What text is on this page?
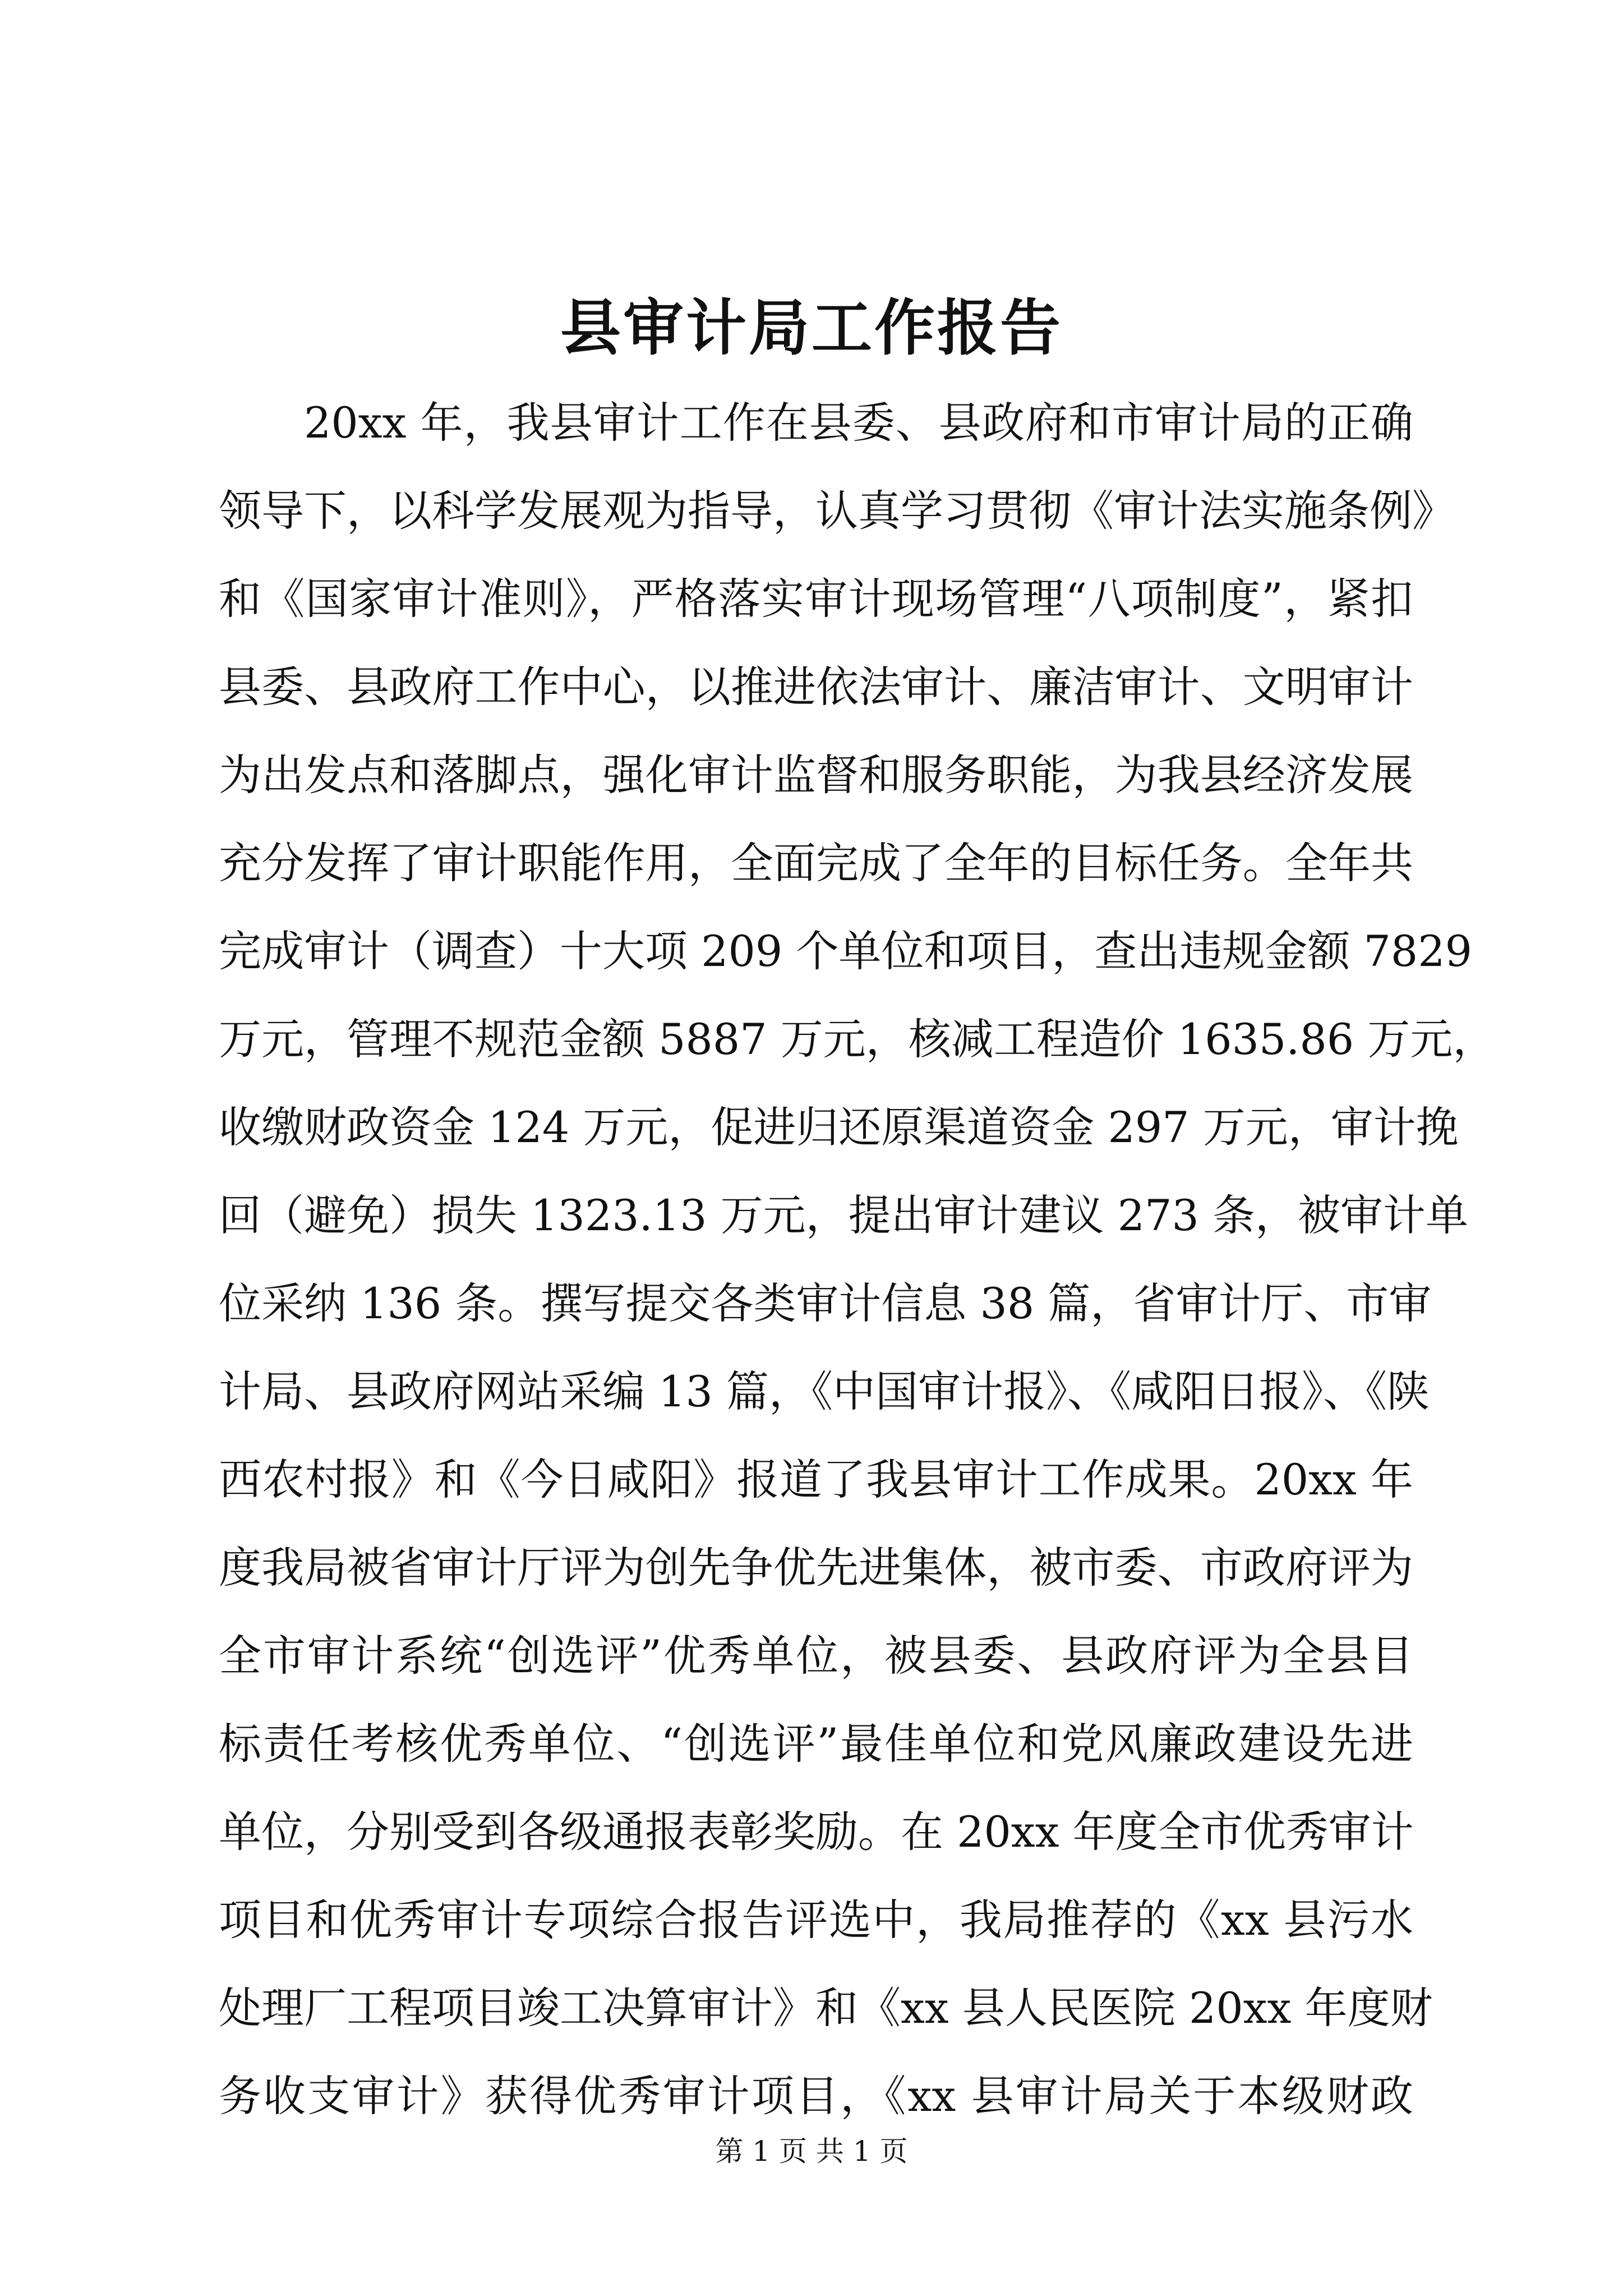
县审计局工作报告
20xx 年，我县审计工作在县委、县政府和市审计局的正确
领导下，以科学发展观为指导，认真学习贯彻《审计法实施条例》
和《国家审计准则》，严格落实审计现场管理“八项制度”，紧扣
县委、县政府工作中心，以推进依法审计、廉洁审计、文明审计
为出发点和落脚点，强化审计监督和服务职能，为我县经济发展
充分发挥了审计职能作用，全面完成了全年的目标任务。全年共
完成审计（调查）十大项 209 个单位和项目，查出违规金额 7829
万元，管理不规范金额 5887 万元，核减工程造价 1635.86 万元，
收缴财政资金 124 万元，促进归还原渠道资金 297 万元，审计挽
回（避免）损失 1323.13 万元，提出审计建议 273 条，被审计单
位采纳 136 条。撰写提交各类审计信息 38 篇，省审计厅、市审
计局、县政府网站采编 13 篇，《中国审计报》、《咸阳日报》、《陕
西农村报》和《今日咸阳》报道了我县审计工作成果。20xx 年
度我局被省审计厅评为创先争优先进集体，被市委、市政府评为
全市审计系统“创选评”优秀单位，被县委、县政府评为全县目
标责任考核优秀单位、“创选评”最佳单位和党风廉政建设先进
单位，分别受到各级通报表彰奖励。在 20xx 年度全市优秀审计
项目和优秀审计专项综合报告评选中，我局推荐的《xx 县污水
处理厂工程项目竣工决算审计》和《xx 县人民医院 20xx 年度财
务收支审计》获得优秀审计项目，《xx 县审计局关于本级财政
第 1 页 共 1 页
